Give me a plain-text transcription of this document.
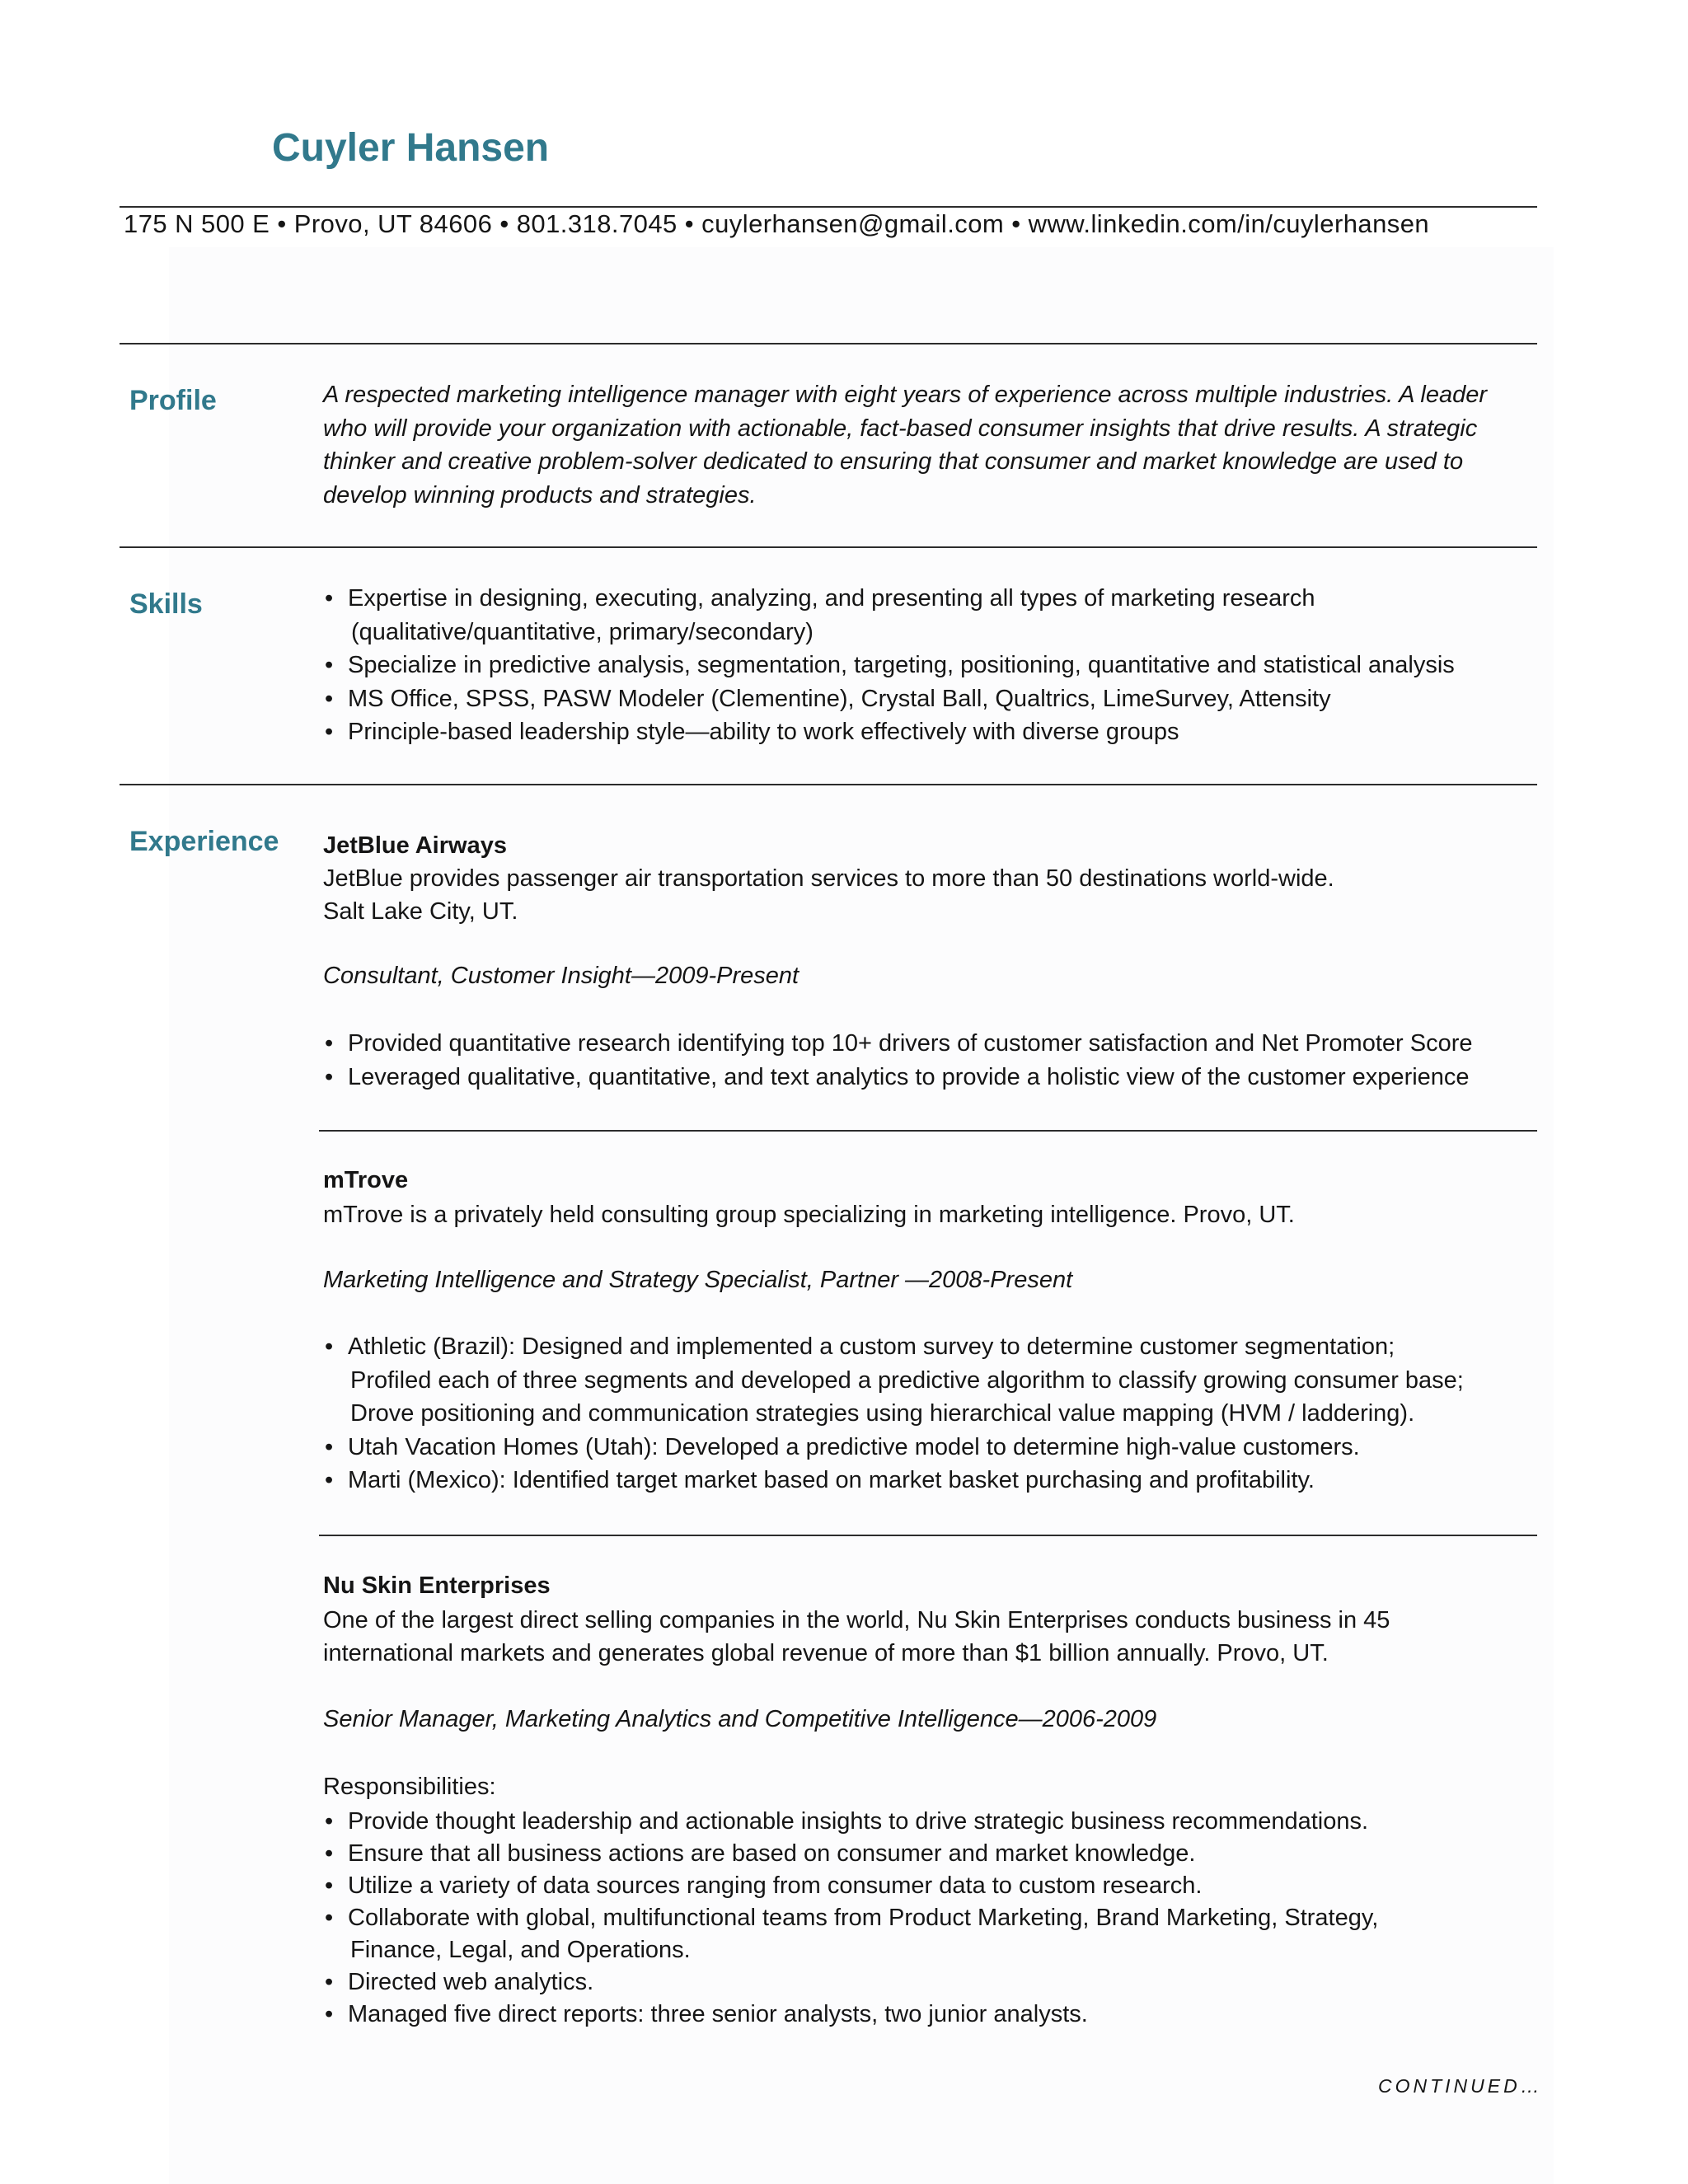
Cuyler Hansen
175 N 500 E • Provo, UT 84606 • 801.318.7045 • cuylerhansen@gmail.com • www.linkedin.com/in/cuylerhansen
Profile	A respected marketing intelligence manager with eight years of experience across multiple industries. A leader
who will provide your organization with actionable, fact-based consumer insights that drive results. A strategic
thinker and creative problem-solver dedicated to ensuring that consumer and market knowledge are used to
develop winning products and strategies.

Skills
•	Expertise in designing, executing, analyzing, and presenting all types of marketing research
(qualitative/quantitative, primary/secondary)
• Specialize in predictive analysis, segmentation, targeting, positioning, quantitative and statistical analysis
• MS Office, SPSS, PASW Modeler (Clementine), Crystal Ball, Qualtrics, LimeSurvey, Attensity
• Principle-based leadership style—ability to work effectively with diverse groups
Experience JetBlue Airways
JetBlue provides passenger air transportation services to more than 50 destinations world-wide.
Salt Lake City, UT.
Consultant, Customer Insight—2009-Present
• Provided quantitative research identifying top 10+ drivers of customer satisfaction and Net Promoter Score
• Leveraged qualitative, quantitative, and text analytics to provide a holistic view of the customer experience
mTrove
mTrove is a privately held consulting group specializing in marketing intelligence. Provo, UT.
Marketing Intelligence and Strategy Specialist, Partner —2008-Present
• Athletic (Brazil): Designed and implemented a custom survey to determine customer segmentation;
Profiled each of three segments and developed a predictive algorithm to classify growing consumer base;
Drove positioning and communication strategies using hierarchical value mapping (HVM / laddering).
• Utah Vacation Homes (Utah): Developed a predictive model to determine high-value customers.
• Marti (Mexico): Identified target market based on market basket purchasing and profitability.
Nu Skin Enterprises
One of the largest direct selling companies in the world, Nu Skin Enterprises conducts business in 45
international markets and generates global revenue of more than $1 billion annually. Provo, UT.
Senior Manager, Marketing Analytics and Competitive Intelligence—2006-2009
Responsibilities:
• Provide thought leadership and actionable insights to drive strategic business recommendations.
• Ensure that all business actions are based on consumer and market knowledge.
• Utilize a variety of data sources ranging from consumer data to custom research.
• Collaborate with global, multifunctional teams from Product Marketing, Brand Marketing, Strategy,
Finance, Legal, and Operations.
• Directed web analytics.
• Managed five direct reports: three senior analysts, two junior analysts.
CONTINUED…
